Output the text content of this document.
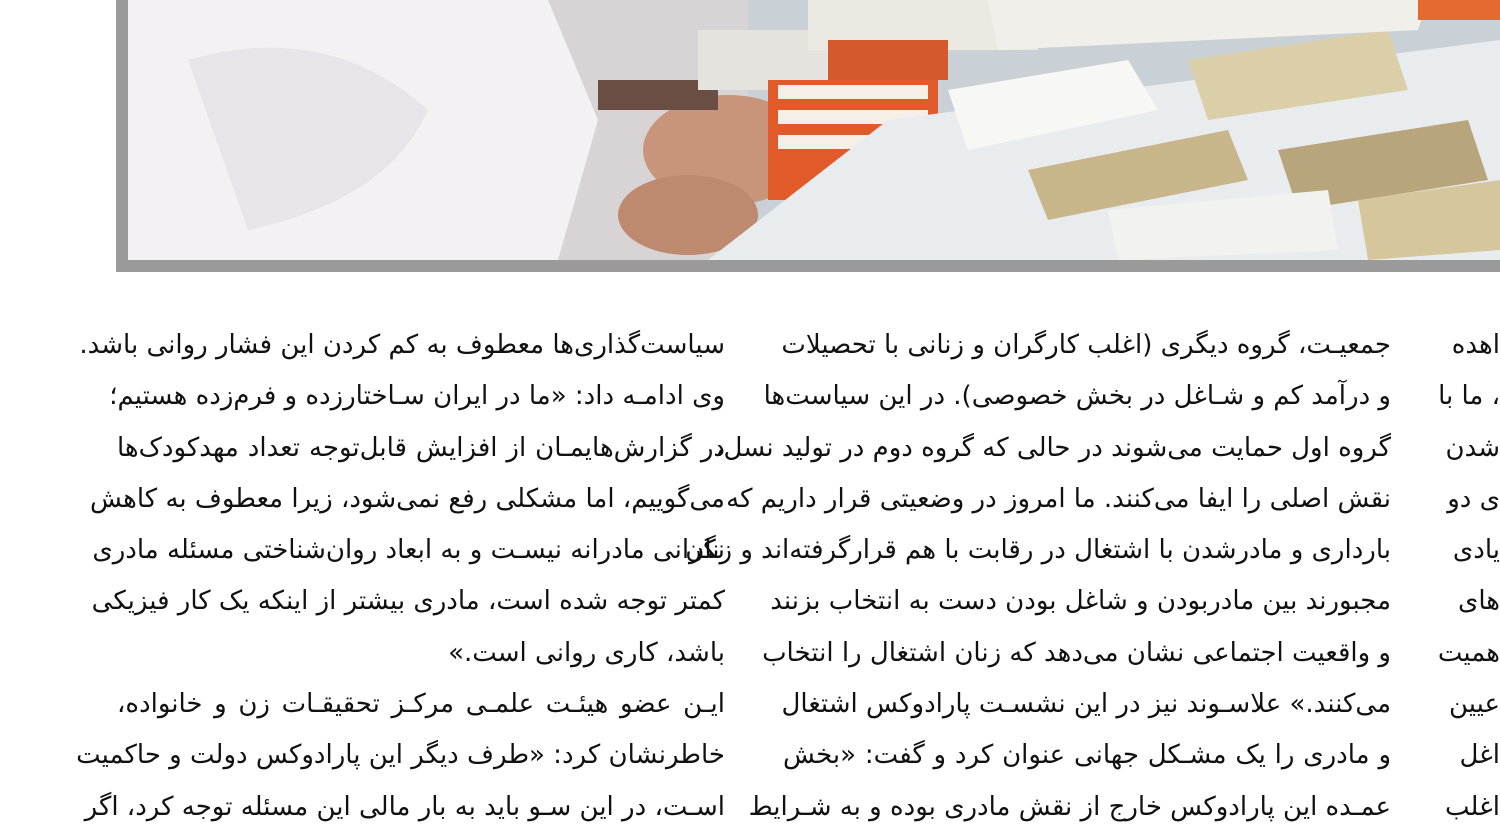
اهده
، ما با
شدن
ی دو
یادی
های
همیت
عیین
اغل
اغلب
جمعیـت، گروه دیگری (اغلب کارگران و زنانی با تحصیلات
و درآمد کم و شـاغل در بخش خصوصی). در این سیاست‌ها
گروه اول حمایت می‌شوند در حالی که گروه دوم در تولید نسل،
نقش اصلی را ایفا می‌کنند. ما امروز در وضعیتی قرار داریم که
بارداری و مادرشدن با اشتغال در رقابت با هم قرارگرفته‌اند و زنان
مجبورند بین مادربودن و شاغل بودن دست به انتخاب بزنند
و واقعیت اجتماعی نشان می‌دهد که زنان اشتغال را انتخاب
می‌کنند.» علاسـوند نیز در این نشسـت پارادوکس اشتغال
و مادری را یک مشـکل جهانی عنوان کرد و گفت: «بخش
عمـده این پارادوکس خارج از نقش مادری بوده و به شـرایط
سیاست‌گذاری‌ها معطوف به کم کردن این فشار روانی باشد.
وی ادامـه داد: «ما در ایران سـاختارزده و فرم‌زده هستیم؛
در گزارش‌هایمـان از افزایش قابل‌توجه تعداد مهدکودک‌ها
می‌گوییم، اما مشکلی رفع نمی‌شود، زیرا معطوف به کاهش
نگرانی مادرانه نیسـت و به ابعاد روان‌شناختی مسئله مادری
کمتر توجه شده است، مادری بیشتر از اینکه یک کار فیزیکی
باشد، کاری روانی است.»
ایـن عضو هیئـت علمـی مرکـز تحقیقـات زن و خانواده،
خاطرنشان کرد: «طرف دیگر این پارادوکس دولت و حاکمیت
اسـت، در این سـو باید به بار مالی این مسئله توجه کرد، اگر
